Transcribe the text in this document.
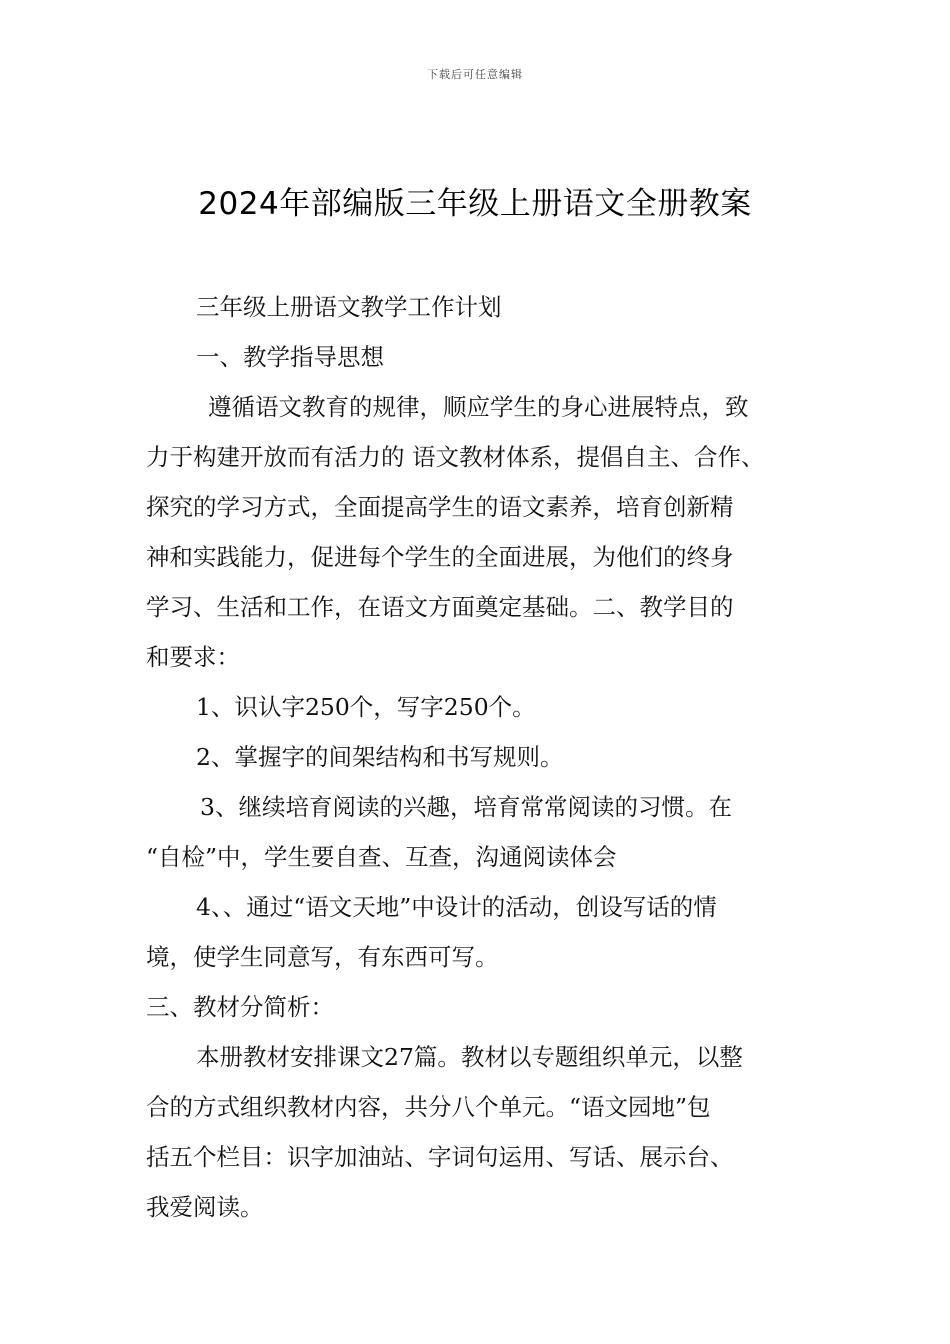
下载后可任意编辑
2024年部编版三年级上册语文全册教案

三年级上册语文教学工作计划

一、教学指导思想

遵循语文教育的规律，顺应学生的身心进展特点，致

力于构建开放而有活力的 语文教材体系，提倡自主、合作、

探究的学习方式，全面提高学生的语文素养，培育创新精

神和实践能力，促进每个学生的全面进展，为他们的终身

学习、生活和工作，在语文方面奠定基础。二、教学目的

和要求：

1、识认字250个，写字250个。

2、掌握字的间架结构和书写规则。

3、继续培育阅读的兴趣，培育常常阅读的习惯。在

“自检”中，学生要自查、互查，沟通阅读体会

4、、通过“语文天地”中设计的活动，创设写话的情

境，使学生同意写，有东西可写。

三、教材分简析：

本册教材安排课文27篇。教材以专题组织单元，以整

合的方式组织教材内容，共分八个单元。“语文园地”包

括五个栏目：识字加油站、字词句运用、写话、展示台、

我爱阅读。
